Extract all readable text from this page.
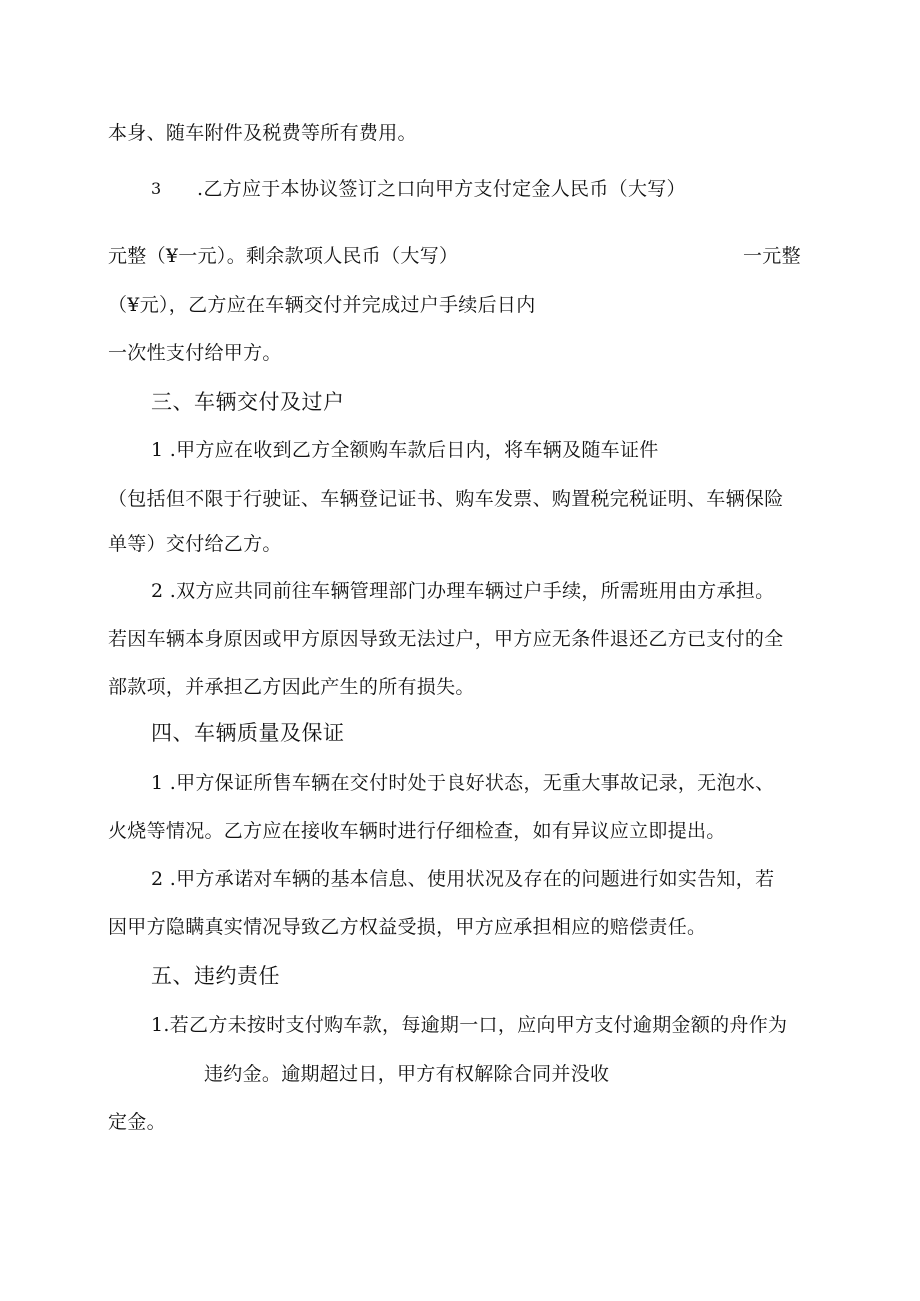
本身、随车附件及税费等所有费用。
3 .乙方应于本协议签订之口向甲方支付定金人民币（大写）
元整（¥一元）。剩余款项人民币（大写）	一元整
（¥元），乙方应在车辆交付并完成过户手续后日内
一次性支付给甲方。
三、车辆交付及过户
1 .甲方应在收到乙方全额购车款后日内，将车辆及随车证件
（包括但不限于行驶证、车辆登记证书、购车发票、购置税完税证明、车辆保险
单等）交付给乙方。
2 .双方应共同前往车辆管理部门办理车辆过户手续，所需班用由方承担。
若因车辆本身原因或甲方原因导致无法过户，甲方应无条件退还乙方已支付的全
部款项，并承担乙方因此产生的所有损失。
四、车辆质量及保证
1 .甲方保证所售车辆在交付时处于良好状态，无重大事故记录，无泡水、
火烧等情况。乙方应在接收车辆时进行仔细检查，如有异议应立即提出。
2 .甲方承诺对车辆的基本信息、使用状况及存在的问题进行如实告知，若
因甲方隐瞒真实情况导致乙方权益受损，甲方应承担相应的赔偿责任。
五、违约责任
1.若乙方未按时支付购车款，每逾期一口，应向甲方支付逾期金额的舟作为
违约金。逾期超过日，甲方有权解除合同并没收
定金。
